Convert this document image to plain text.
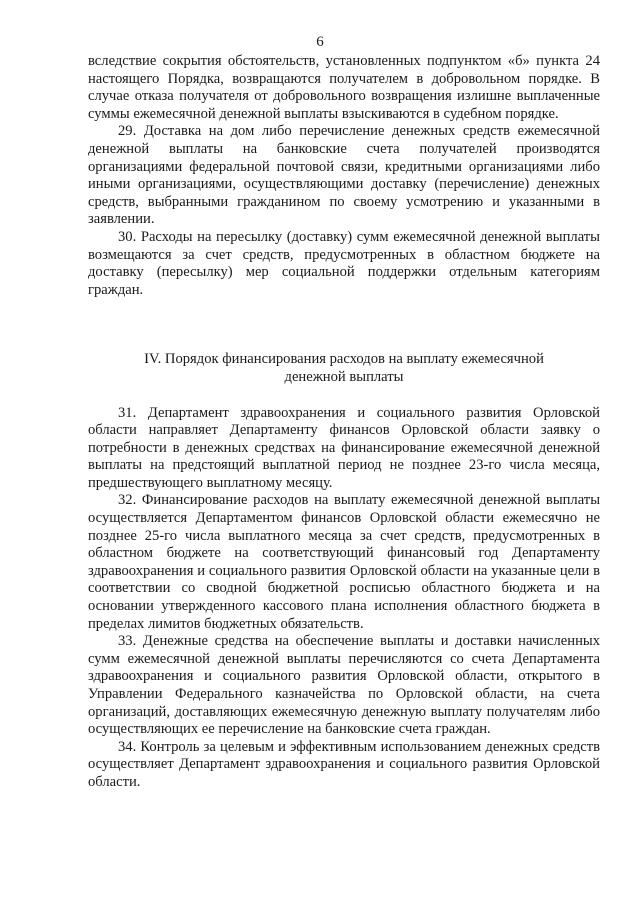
6

вследствие сокрытия обстоятельств, установленных подпунктом «б» пункта 24 настоящего Порядка, возвращаются получателем в добровольном порядке. В случае отказа получателя от добровольного возвращения излишне выплаченные суммы ежемесячной денежной выплаты взыскиваются в судебном порядке.

29. Доставка на дом либо перечисление денежных средств ежемесячной денежной выплаты на банковские счета получателей производятся организациями федеральной почтовой связи, кредитными организациями либо иными организациями, осуществляющими доставку (перечисление) денежных средств, выбранными гражданином по своему усмотрению и указанными в заявлении.

30. Расходы на пересылку (доставку) сумм ежемесячной денежной выплаты возмещаются за счет средств, предусмотренных в областном бюджете на доставку (пересылку) мер социальной поддержки отдельным категориям граждан.

IV. Порядок финансирования расходов на выплату ежемесячной денежной выплаты

31. Департамент здравоохранения и социального развития Орловской области направляет Департаменту финансов Орловской области заявку о потребности в денежных средствах на финансирование ежемесячной денежной выплаты на предстоящий выплатной период не позднее 23-го числа месяца, предшествующего выплатному месяцу.

32. Финансирование расходов на выплату ежемесячной денежной выплаты осуществляется Департаментом финансов Орловской области ежемесячно не позднее 25-го числа выплатного месяца за счет средств, предусмотренных в областном бюджете на соответствующий финансовый год Департаменту здравоохранения и социального развития Орловской области на указанные цели в соответствии со сводной бюджетной росписью областного бюджета и на основании утвержденного кассового плана исполнения областного бюджета в пределах лимитов бюджетных обязательств.

33. Денежные средства на обеспечение выплаты и доставки начисленных сумм ежемесячной денежной выплаты перечисляются со счета Департамента здравоохранения и социального развития Орловской области, открытого в Управлении Федерального казначейства по Орловской области, на счета организаций, доставляющих ежемесячную денежную выплату получателям либо осуществляющих ее перечисление на банковские счета граждан.

34. Контроль за целевым и эффективным использованием денежных средств осуществляет Департамент здравоохранения и социального развития Орловской области.
